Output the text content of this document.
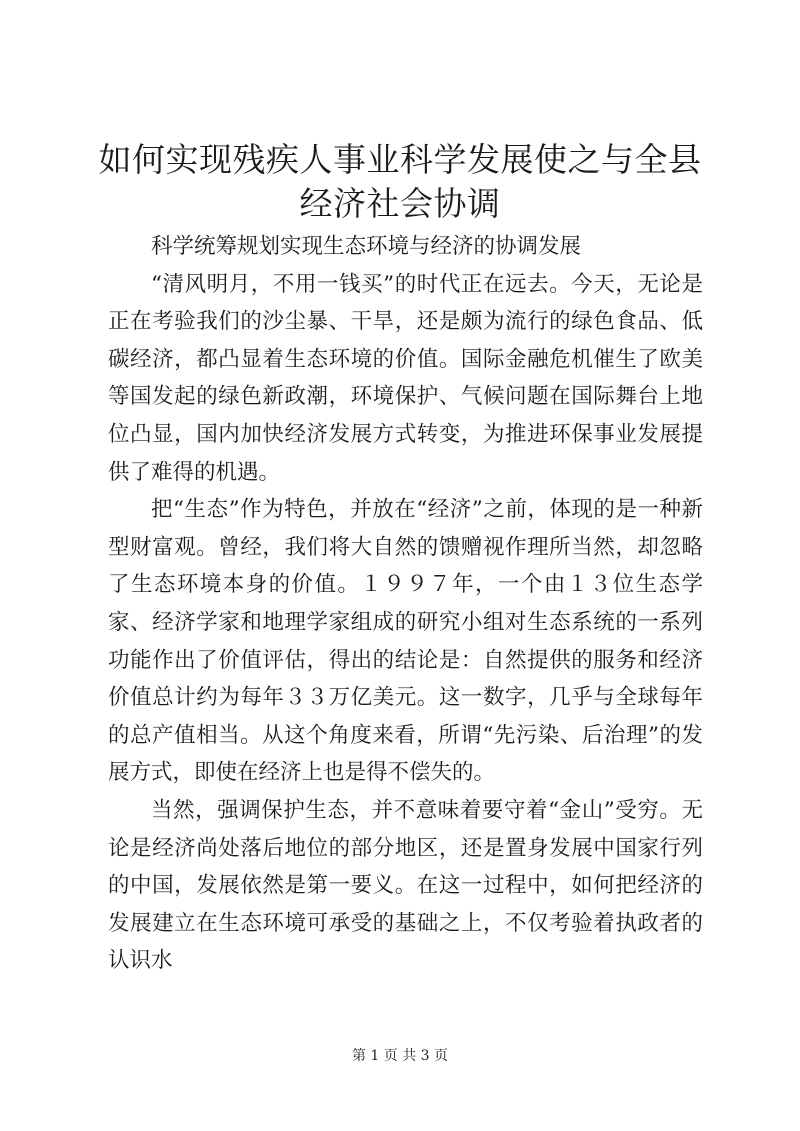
如何实现残疾人事业科学发展使之与全县经济社会协调

科学统筹规划实现生态环境与经济的协调发展

“清风明月，不用一钱买”的时代正在远去。今天，无论是正在考验我们的沙尘暴、干旱，还是颇为流行的绿色食品、低碳经济，都凸显着生态环境的价值。国际金融危机催生了欧美等国发起的绿色新政潮，环境保护、气候问题在国际舞台上地位凸显，国内加快经济发展方式转变，为推进环保事业发展提供了难得的机遇。

把“生态”作为特色，并放在“经济”之前，体现的是一种新型财富观。曾经，我们将大自然的馈赠视作理所当然，却忽略了生态环境本身的价值。１９９７年，一个由１３位生态学家、经济学家和地理学家组成的研究小组对生态系统的一系列功能作出了价值评估，得出的结论是：自然提供的服务和经济价值总计约为每年３３万亿美元。这一数字，几乎与全球每年的总产值相当。从这个角度来看，所谓“先污染、后治理”的发展方式，即使在经济上也是得不偿失的。

当然，强调保护生态，并不意味着要守着“金山”受穷。无论是经济尚处落后地位的部分地区，还是置身发展中国家行列的中国，发展依然是第一要义。在这一过程中，如何把经济的发展建立在生态环境可承受的基础之上，不仅考验着执政者的认识水

第 1 页 共 3 页
